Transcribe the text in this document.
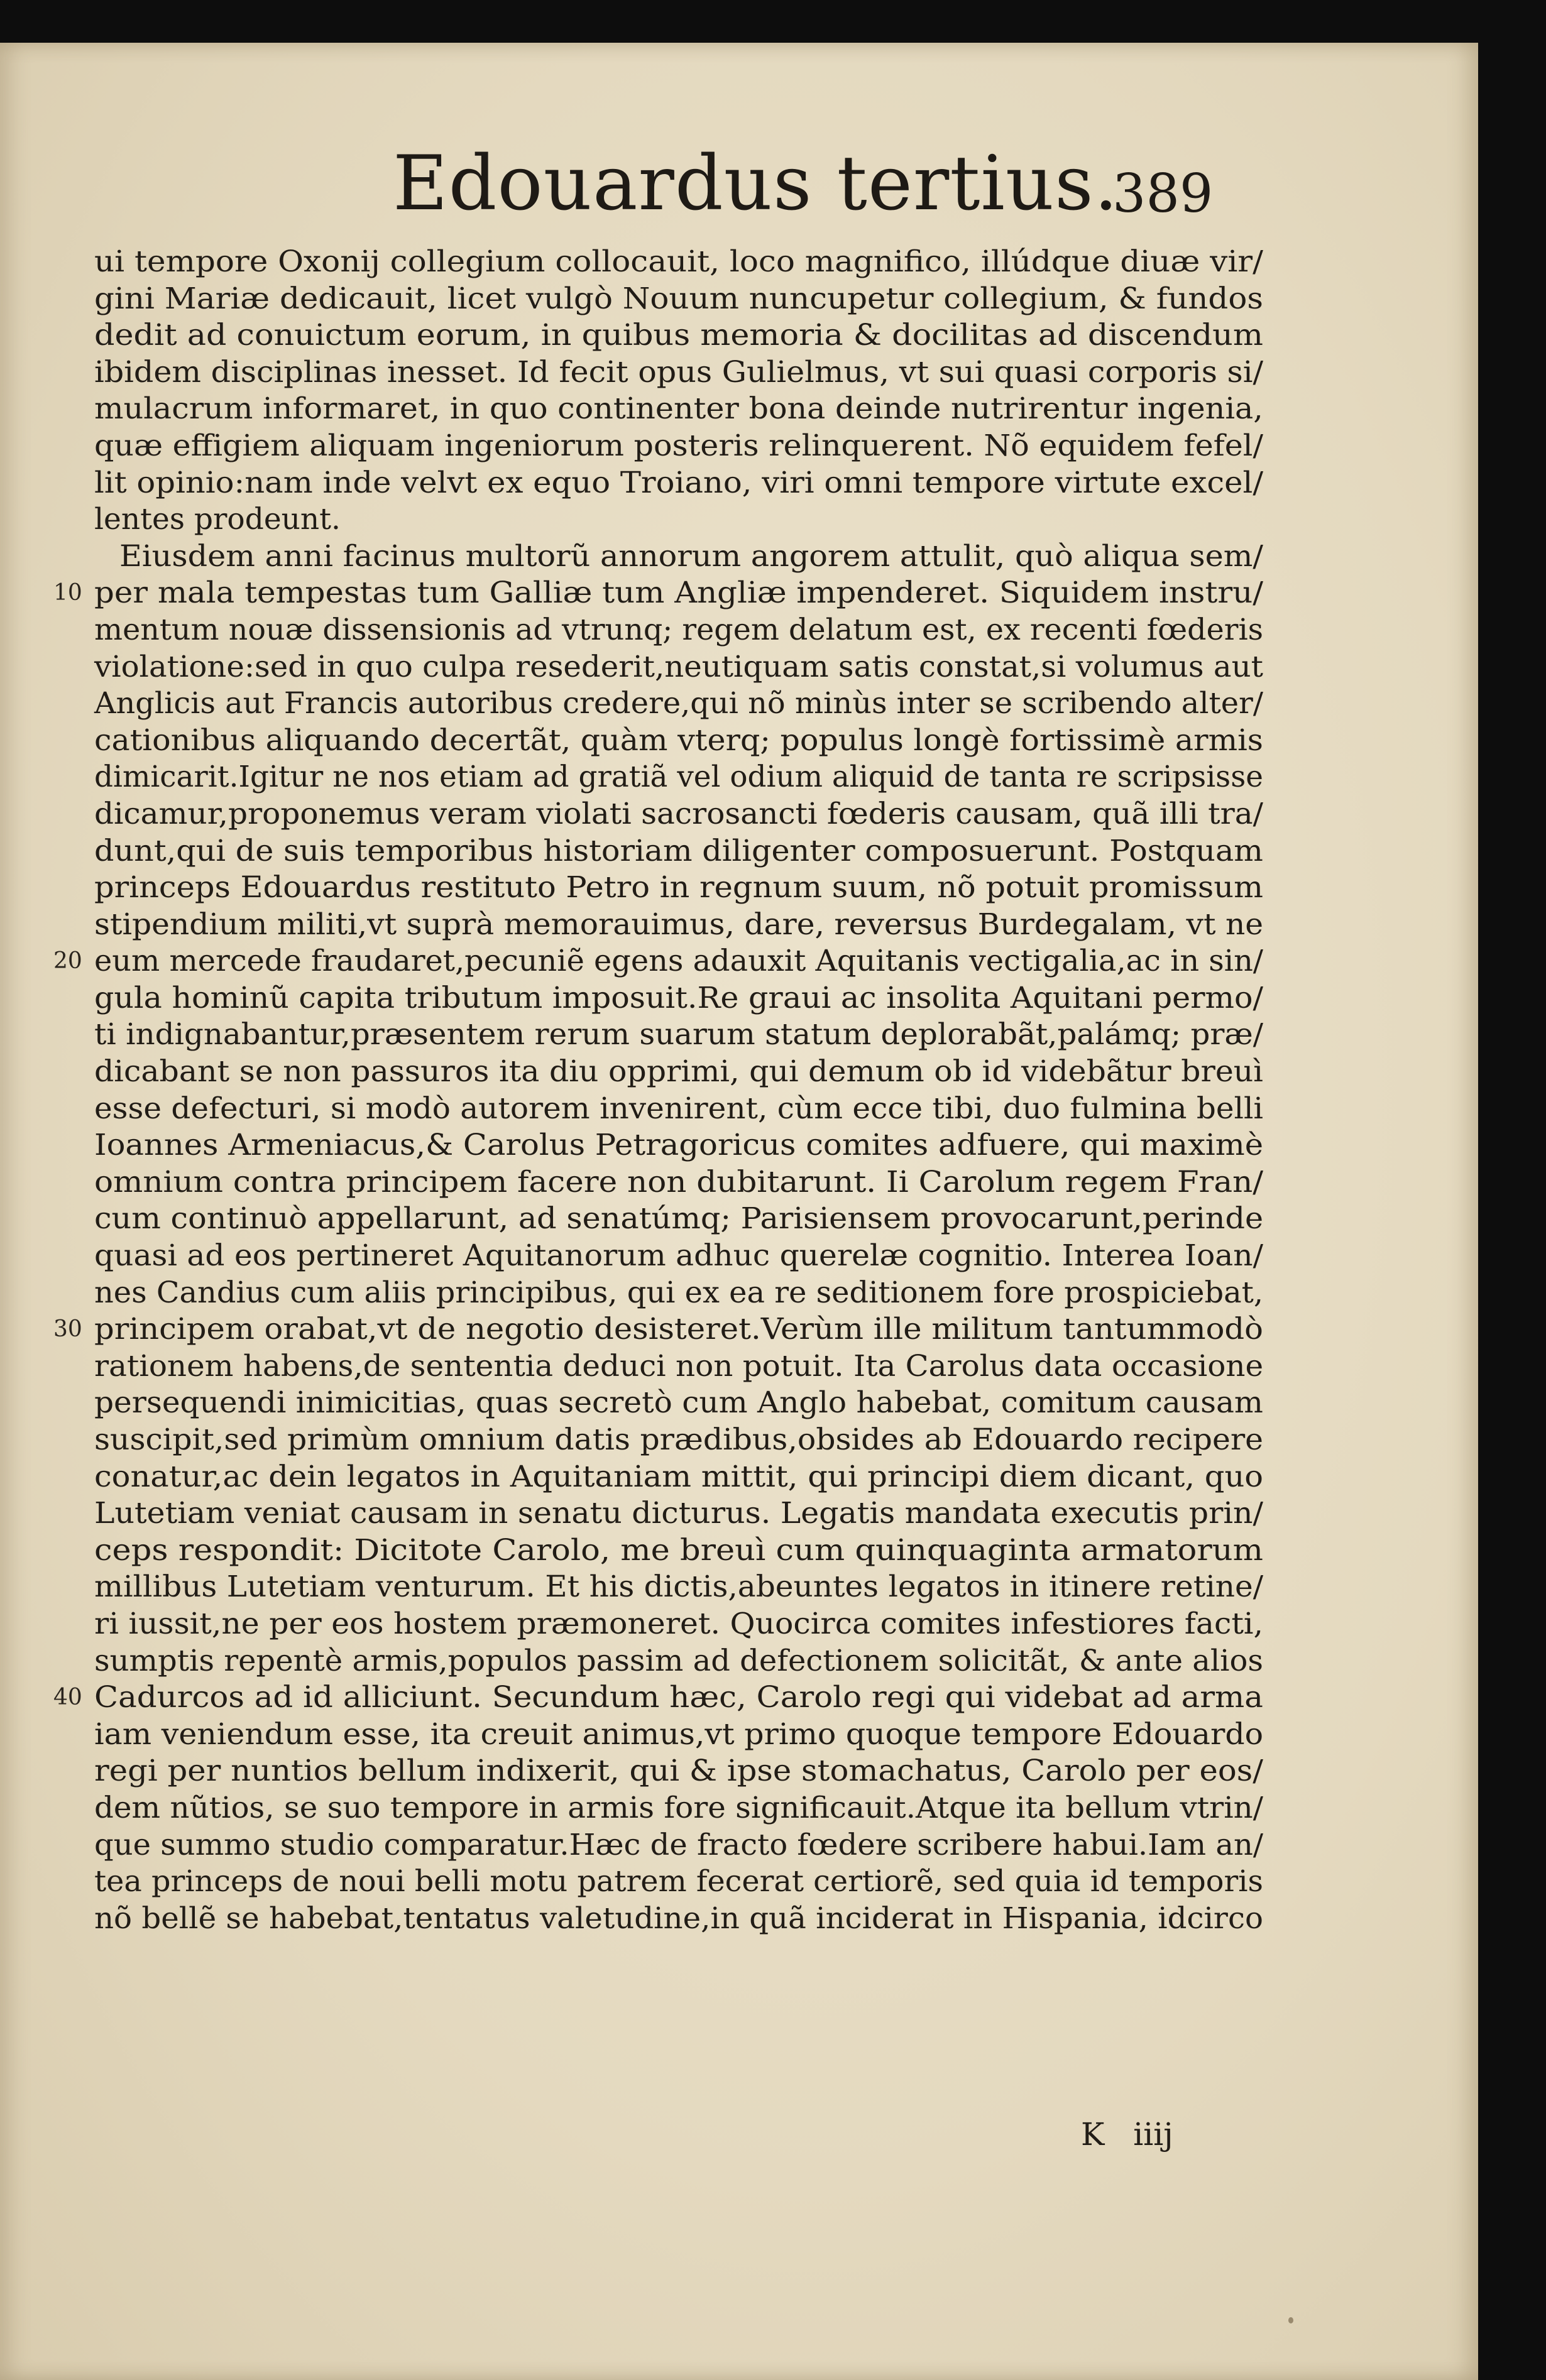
Edouardus tertius.
389
ui tempore Oxonij collegium collocauit, loco magnifico, illúdque diuæ vir/
gini Mariæ dedicauit, licet vulgò Nouum nuncupetur collegium, & fundos
dedit ad conuictum eorum, in quibus memoria & docilitas ad discendum
ibidem disciplinas inesset. Id fecit opus Gulielmus, vt sui quasi corporis si/
mulacrum informaret, in quo continenter bona deinde nutrirentur ingenia,
quæ effigiem aliquam ingeniorum posteris relinquerent. Nõ equidem fefel/
lit opinio:nam inde velvt ex equo Troiano, viri omni tempore virtute excel/
lentes prodeunt.
Eiusdem anni facinus multorũ annorum angorem attulit, quò aliqua sem/
10 per mala tempestas tum Galliæ tum Angliæ impenderet. Siquidem instru/
mentum nouæ dissensionis ad vtrunq; regem delatum est, ex recenti fœderis
violatione:sed in quo culpa resederit,neutiquam satis constat,si volumus aut
Anglicis aut Francis autoribus credere,qui nõ minùs inter se scribendo alter/
cationibus aliquando decertãt, quàm vterq; populus longè fortissimè armis
dimicarit.Igitur ne nos etiam ad gratiã vel odium aliquid de tanta re scripsisse
dicamur,proponemus veram violati sacrosancti fœderis causam, quã illi tra/
dunt,qui de suis temporibus historiam diligenter composuerunt. Postquam
princeps Edouardus restituto Petro in regnum suum, nõ potuit promissum
stipendium militi,vt suprà memorauimus, dare, reversus Burdegalam, vt ne
20 eum mercede fraudaret,pecuniẽ egens adauxit Aquitanis vectigalia,ac in sin/
gula hominũ capita tributum imposuit.Re graui ac insolita Aquitani permo/
ti indignabantur,præsentem rerum suarum statum deplorabãt,palámq; præ/
dicabant se non passuros ita diu opprimi, qui demum ob id videbãtur breuì
esse defecturi, si modò autorem invenirent, cùm ecce tibi, duo fulmina belli
Ioannes Armeniacus,& Carolus Petragoricus comites adfuere, qui maximè
omnium contra principem facere non dubitarunt. Ii Carolum regem Fran/
cum continuò appellarunt, ad senatúmq; Parisiensem provocarunt,perinde
quasi ad eos pertineret Aquitanorum adhuc querelæ cognitio. Interea Ioan/
nes Candius cum aliis principibus, qui ex ea re seditionem fore prospiciebat,
30 principem orabat,vt de negotio desisteret.Verùm ille militum tantummodò
rationem habens,de sententia deduci non potuit. Ita Carolus data occasione
persequendi inimicitias, quas secretò cum Anglo habebat, comitum causam
suscipit,sed primùm omnium datis prædibus,obsides ab Edouardo recipere
conatur,ac dein legatos in Aquitaniam mittit, qui principi diem dicant, quo
Lutetiam veniat causam in senatu dicturus. Legatis mandata executis prin/
ceps respondit: Dicitote Carolo, me breuì cum quinquaginta armatorum
millibus Lutetiam venturum. Et his dictis,abeuntes legatos in itinere retine/
ri iussit,ne per eos hostem præmoneret. Quocirca comites infestiores facti,
sumptis repentè armis,populos passim ad defectionem solicitãt, & ante alios
40 Cadurcos ad id alliciunt. Secundum hæc, Carolo regi qui videbat ad arma
iam veniendum esse, ita creuit animus,vt primo quoque tempore Edouardo
regi per nuntios bellum indixerit, qui & ipse stomachatus, Carolo per eos/
dem nũtios, se suo tempore in armis fore significauit.Atque ita bellum vtrin/
que summo studio comparatur.Hæc de fracto fœdere scribere habui.Iam an/
tea princeps de noui belli motu patrem fecerat certiorẽ, sed quia id temporis
nõ bellẽ se habebat,tentatus valetudine,in quã inciderat in Hispania, idcirco
K iiij
